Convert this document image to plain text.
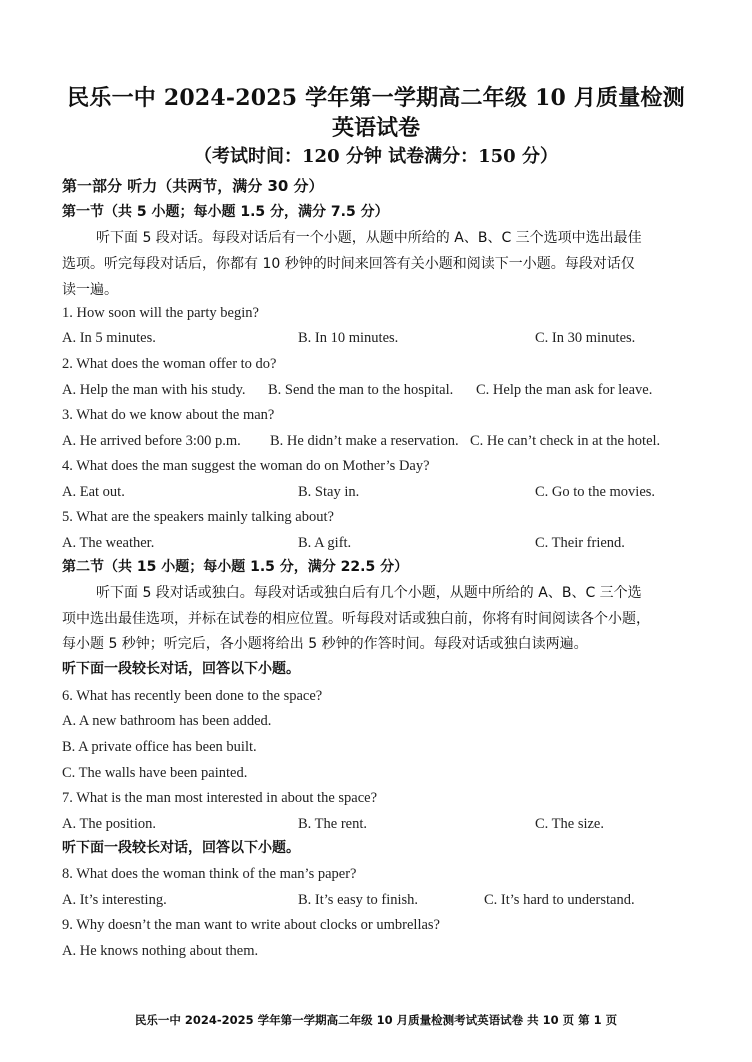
民乐一中 2024-2025 学年第一学期高二年级 10 月质量检测
英语试卷
（考试时间：120 分钟 试卷满分：150 分）
第一部分 听力（共两节，满分 30 分）
第一节（共 5 小题；每小题 1.5 分，满分 7.5 分）
听下面 5 段对话。每段对话后有一个小题，从题中所给的 A、B、C 三个选项中选出最佳
选项。听完每段对话后，你都有 10 秒钟的时间来回答有关小题和阅读下一小题。每段对话仅
读一遍。
1. How soon will the party begin?
A. In 5 minutes.	B. In 10 minutes.	C. In 30 minutes.
2. What does the woman offer to do?
A. Help the man with his study. B. Send the man to the hospital. C. Help the man ask for leave.
3. What do we know about the man?
A. He arrived before 3:00 p.m. B. He didn’t make a reservation. C. He can’t check in at the hotel.
4. What does the man suggest the woman do on Mother’s Day?
A. Eat out.	B. Stay in.	C. Go to the movies.
5. What are the speakers mainly talking about?
A. The weather.	B. A gift.	C. Their friend.
第二节（共 15 小题；每小题 1.5 分，满分 22.5 分）
听下面 5 段对话或独白。每段对话或独白后有几个小题，从题中所给的 A、B、C 三个选
项中选出最佳选项，并标在试卷的相应位置。听每段对话或独白前，你将有时间阅读各个小题，
每小题 5 秒钟；听完后，各小题将给出 5 秒钟的作答时间。每段对话或独白读两遍。
听下面一段较长对话，回答以下小题。
6. What has recently been done to the space?
A. A new bathroom has been added.
B. A private office has been built.
C. The walls have been painted.
7. What is the man most interested in about the space?
A. The position.	B. The rent.	C. The size.
听下面一段较长对话，回答以下小题。
8. What does the woman think of the man’s paper?
A. It’s interesting.	B. It’s easy to finish.	C. It’s hard to understand.
9. Why doesn’t the man want to write about clocks or umbrellas?
A. He knows nothing about them.
民乐一中 2024-2025 学年第一学期高二年级 10 月质量检测考试英语试卷 共 10 页 第 1 页
